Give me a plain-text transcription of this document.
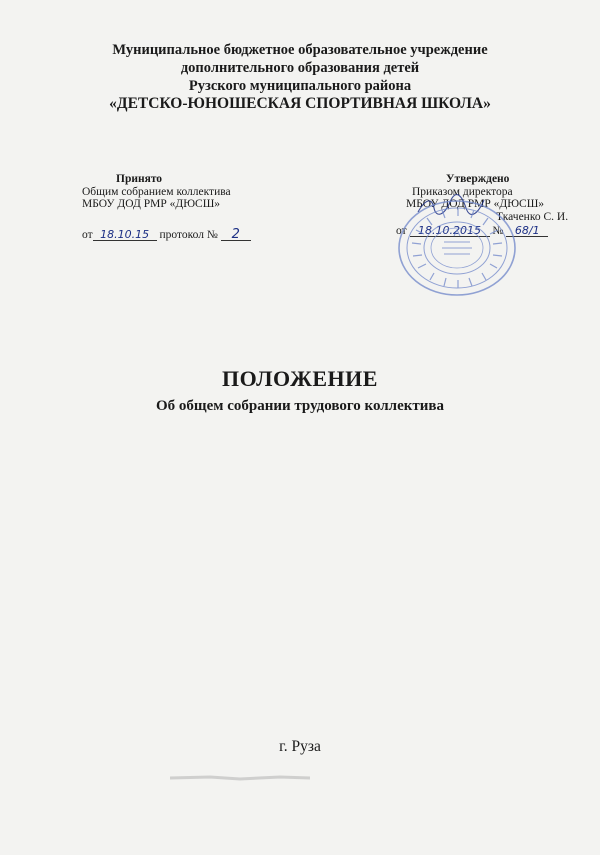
Муниципальное бюджетное образовательное учреждение
дополнительного образования детей
Рузского муниципального района
«ДЕТСКО-ЮНОШЕСКАЯ СПОРТИВНАЯ ШКОЛА»
Принято
Общим собранием коллектива
МБОУ ДОД РМР «ДЮСШ»
от 18.10.15 протокол № 2
Утверждено
Приказом директора
МБОУ ДОД РМР «ДЮСШ»
Ткаченко С. И.
от 18.10.2015 № 68/1
ПОЛОЖЕНИЕ
Об общем собрании трудового коллектива
г. Руза
